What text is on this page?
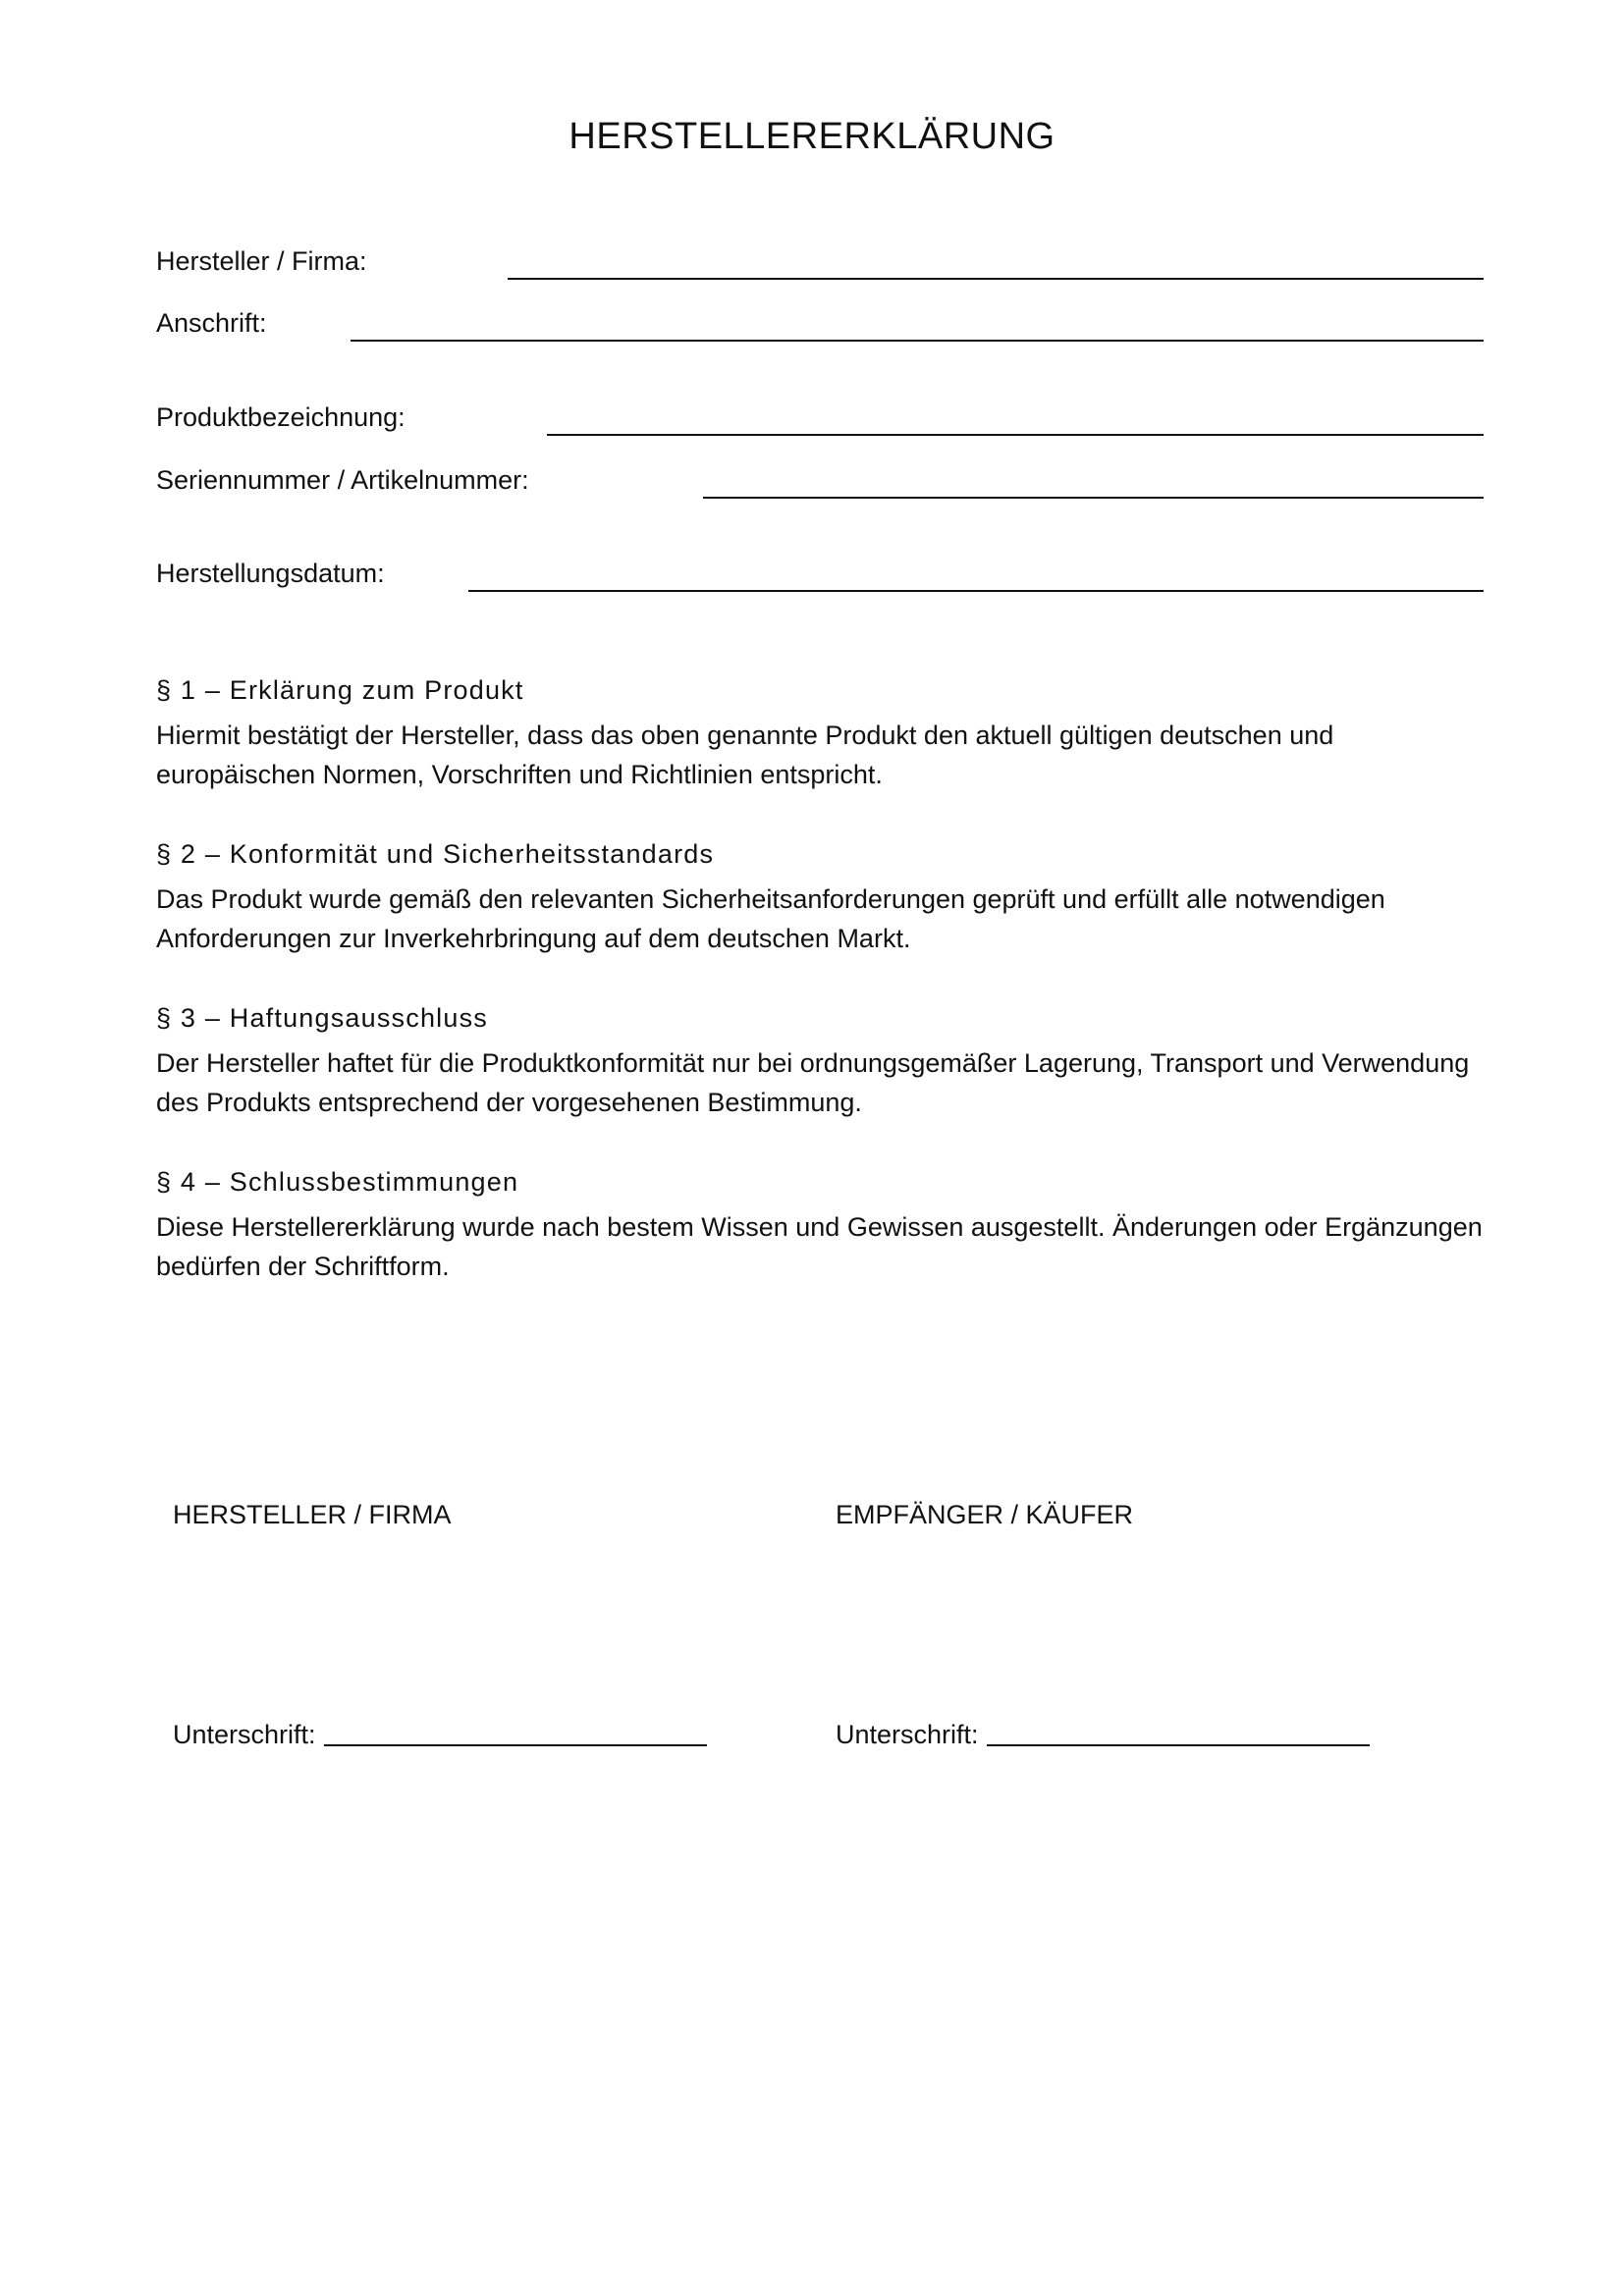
HERSTELLERERKLÄRUNG
Hersteller / Firma:
Anschrift:
Produktbezeichnung:
Seriennummer / Artikelnummer:
Herstellungsdatum:
§ 1 – Erklärung zum Produkt

Hiermit bestätigt der Hersteller, dass das oben genannte Produkt den aktuell gültigen deutschen und europäischen Normen, Vorschriften und Richtlinien entspricht.

§ 2 – Konformität und Sicherheitsstandards

Das Produkt wurde gemäß den relevanten Sicherheitsanforderungen geprüft und erfüllt alle notwendigen Anforderungen zur Inverkehrbringung auf dem deutschen Markt.

§ 3 – Haftungsausschluss

Der Hersteller haftet für die Produktkonformität nur bei ordnungsgemäßer Lagerung, Transport und Verwendung des Produkts entsprechend der vorgesehenen Bestimmung.

§ 4 – Schlussbestimmungen

Diese Herstellererklärung wurde nach bestem Wissen und Gewissen ausgestellt. Änderungen oder Ergänzungen bedürfen der Schriftform.

HERSTELLER / FIRMA	EMPFÄNGER / KÄUFER
Unterschrift:	Unterschrift:
